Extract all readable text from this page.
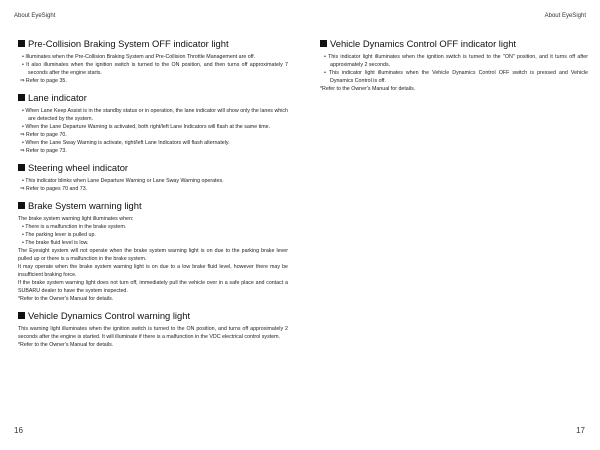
About EyeSight	About EyeSight
Pre-Collision Braking System OFF indicator light
• Illuminates when the Pre-Collision Braking System and Pre-Collision Throttle Management are off.
• It also illuminates when the ignition switch is turned to the ON position, and then turns off approximately 7 seconds after the engine starts.
⇒ Refer to page 35.
Lane indicator
• When Lane Keep Assist is in the standby status or in operation, the lane indicator will show only the lanes which are detected by the system.
• When the Lane Departure Warning is activated, both right/left Lane Indicators will flash at the same time.
⇒ Refer to page 70.
• When the Lane Sway Warning is activate, right/left Lane Indicators will flash alternately.
⇒ Refer to page 73.
Steering wheel indicator
• This indicator blinks when Lane Departure Warning or Lane Sway Warning operates.
⇒ Refer to pages 70 and 73.
Brake System warning light
The brake system warning light illuminates when:
• There is a malfunction in the brake system.
• The parking lever is pulled up.
• The brake fluid level is low.
The Eyesight system will not operate when the brake system warning light is on due to the parking brake lever pulled up or there is a malfunction in the brake system.
It may operate when the brake system warning light is on due to a low brake fluid level, however there may be insufficient braking force.
If the brake system warning light does not turn off, immediately pull the vehicle over in a safe place and contact a SUBARU dealer to have the system inspected.
*Refer to the Owner's Manual for details.
Vehicle Dynamics Control warning light
This warning light illuminates when the ignition switch is turned to the ON position, and turns off approximately 2 seconds after the engine is started. It will illuminate if there is a malfunction in the VDC electrical control system.
*Refer to the Owner's Manual for details.
Vehicle Dynamics Control OFF indicator light
• This indicator light illuminates when the ignition switch is turned to the "ON" position, and it turns off after approximately 2 seconds.
• This indicator light illuminates when the Vehicle Dynamics Control OFF switch is pressed and Vehicle Dynamics Control is off.
*Refer to the Owner's Manual for details.
16	17
